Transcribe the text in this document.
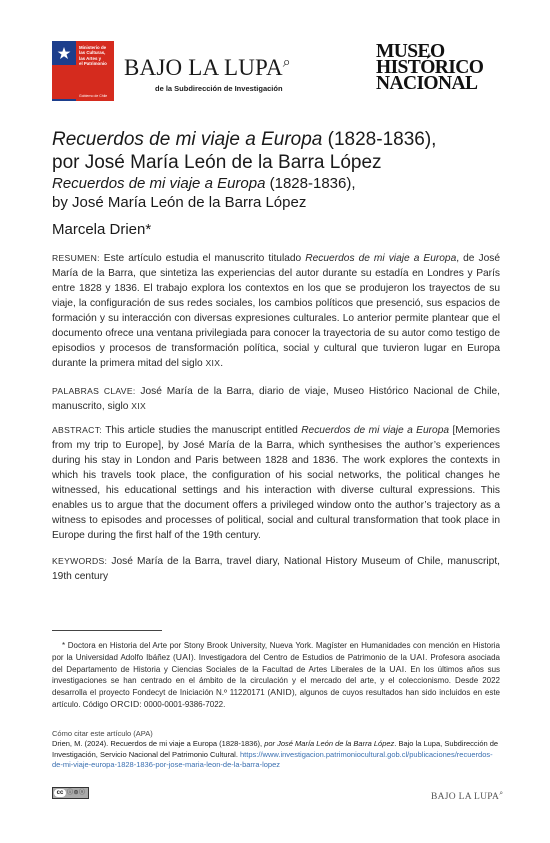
Ministerio de
las Culturas,
las Artes y
el Patrimonio
Gobierno de Chile
BAJO LA LUPA⌕
de la Subdirección de Investigación
MUSEO
HISTÓRICO
NACIONAL
Recuerdos de mi viaje a Europa (1828-1836),
por José María León de la Barra López
Recuerdos de mi viaje a Europa (1828-1836),
by José María León de la Barra López
Marcela Drien*
RESUMEN: Este artículo estudia el manuscrito titulado Recuerdos de mi viaje a Europa, de José María de la Barra, que sintetiza las experiencias del autor durante su estadía en Londres y París entre 1828 y 1836. El trabajo explora los contextos en los que se produjeron los trayectos de su viaje, la configuración de sus redes sociales, los cambios políticos que presenció, sus espacios de formación y su interacción con diversas expresiones culturales. Lo anterior permite plantear que el documento ofrece una ventana privilegiada para conocer la trayectoria de su autor como testigo de episodios y procesos de transformación política, social y cultural que tuvieron lugar en Europa durante la primera mitad del siglo XIX.
PALABRAS CLAVE: José María de la Barra, diario de viaje, Museo Histórico Nacional de Chile, manuscrito, siglo XIX
ABSTRACT: This article studies the manuscript entitled Recuerdos de mi viaje a Europa [Memories from my trip to Europe], by José María de la Barra, which synthesises the author’s experiences during his stay in London and Paris between 1828 and 1836. The work explores the contexts in which his travels took place, the configuration of his social networks, the political changes he witnessed, his educational settings and his interaction with diverse cultural expressions. This enables us to argue that the document offers a privileged window onto the author’s trajectory as a witness to episodes and processes of political, social and cultural transformation that took place in Europe during the first half of the 19th century.
KEYWORDS: José María de la Barra, travel diary, National History Museum of Chile, manuscript, 19th century
* Doctora en Historia del Arte por Stony Brook University, Nueva York. Magíster en Humanidades con mención en Historia por la Universidad Adolfo Ibáñez (UAI). Investigadora del Centro de Estudios de Patrimonio de la UAI. Profesora asociada del Departamento de Historia y Ciencias Sociales de la Facultad de Artes Liberales de la UAI. En los últimos años sus investigaciones se han centrado en el ámbito de la circulación y el mercado del arte, y el coleccionismo. Desde 2022 desarrolla el proyecto Fondecyt de Iniciación N.º 11220171 (ANID), algunos de cuyos resultados han sido incluidos en este artículo. Código ORCID: 0000-0001-9386-7022.
Cómo citar este artículo (APA)
Drien, M. (2024). Recuerdos de mi viaje a Europa (1828-1836), por José María León de la Barra López. Bajo la Lupa, Subdirección de Investigación, Servicio Nacional del Patrimonio Cultural. https://www.investigacion.patrimoniocultural.gob.cl/publicaciones/recuerdos-de-mi-viaje-europa-1828-1836-por-jose-maria-leon-de-la-barra-lopez
cc ⓘ⊜ⓢ	BAJO LA LUPA⌕
